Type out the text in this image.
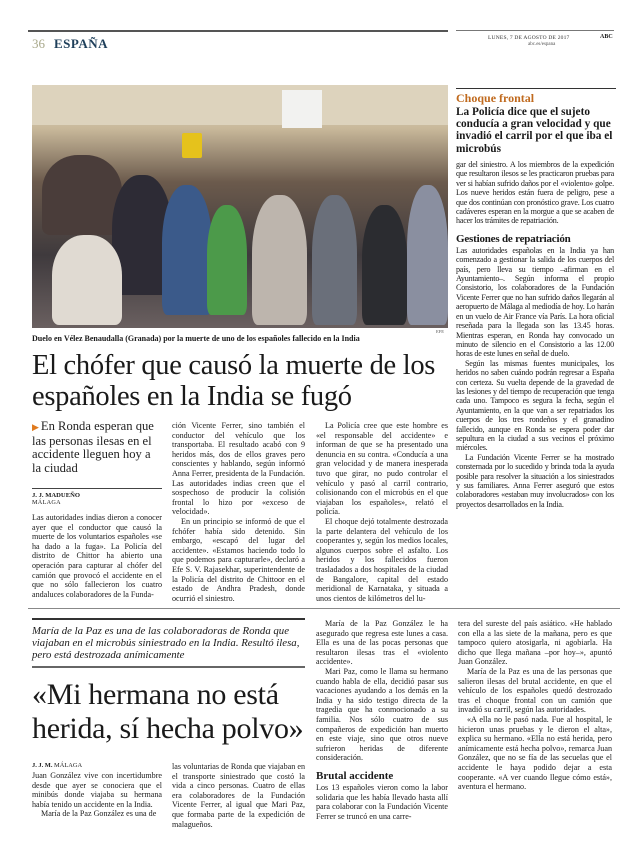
36 ESPAÑA	LUNES, 7 DE AGOSTO DE 2017
abc.es/espana
ABC
EFE
Duelo en Vélez Benaudalla (Granada) por la muerte de uno de los españoles fallecido en la India
Choque frontal
La Policía dice que el sujeto conducía a gran velocidad y que invadió el carril por el que iba el microbús

gar del siniestro. A los miembros de la expedición que resultaron ilesos se les practicaron pruebas para ver si habían sufrido daños por el «violento» golpe. Los nueve heridos están fuera de peligro, pese a que dos continúan con pronóstico grave. Los cuatro cadáveres esperan en la morgue a que se acaben de hacer los trámites de repatriación.

Gestiones de repatriación

Las autoridades españolas en la India ya han comenzado a gestionar la salida de los cuerpos del país, pero lleva su tiempo –afirman en el Ayuntamiento–. Según informa el propio Consistorio, los colaboradores de la Fundación Vicente Ferrer que no han sufrido daños llegarán al aeropuerto de Málaga al mediodía de hoy. Lo harán en un vuelo de Air France vía París. La hora oficial reseñada para la llegada son las 13.45 horas. Mientras esperan, en Ronda hay convocado un minuto de silencio en el Consistorio a las 12.00 horas de este lunes en señal de duelo.

Según las mismas fuentes municipales, los heridos no saben cuándo podrán regresar a España con certeza. Su vuelta depende de la gravedad de las lesiones y del tiempo de recuperación que tenga cada uno. Tampoco es segura la fecha, según el Ayuntamiento, en la que van a ser repatriados los cuerpos de los tres rondeños y el granadino fallecido, aunque en Ronda se espera poder dar sepultura en la ciudad a sus vecinos el próximo miércoles.

La Fundación Vicente Ferrer se ha mostrado consternada por lo sucedido y brinda toda la ayuda posible para resolver la situación a los siniestrados y sus familiares. Anna Ferrer aseguró que estos colaboradores «estaban muy involucrados» con los proyectos desarrollados en la India.

El chófer que causó la muerte de los españoles en la India se fugó
▶ En Ronda esperan que las personas ilesas en el accidente lleguen hoy a la ciudad
J. J. MADUEÑO
MÁLAGA

Las autoridades indias dieron a conocer ayer que el conductor que causó la muerte de los voluntarios españoles «se ha dado a la fuga». La Policía del distrito de Chittor ha abierto una operación para capturar al chófer del camión que provocó el accidente en el que no sólo fallecieron los cuatro andaluces colaboradores de la Funda-

ción Vicente Ferrer, sino también el conductor del vehículo que los transportaba. El resultado acabó con 9 heridos más, dos de ellos graves pero conscientes y hablando, según informó Anna Ferrer, presidenta de la Fundación. Las autoridades indias creen que el sospechoso de producir la colisión frontal lo hizo por «exceso de velocidad».

En un principio se informó de que el fchófer había sido detenido. Sin embargo, «escapó del lugar del accidente». «Estamos haciendo todo lo que podemos para capturarle», declaró a Efe S. V. Rajasekhar, superintendente de la Policía del distrito de Chittoor en el estado de Andhra Pradesh, donde ocurrió el siniestro.

La Policía cree que este hombre es «el responsable del accidente» e informan de que se ha presentado una denuncia en su contra. «Conducía a una gran velocidad y de manera inesperada tuvo que girar, no pudo controlar el vehículo y pasó al carril contrario, colisionando con el microbús en el que viajaban los españoles», relató el policía.

El choque dejó totalmente destrozada la parte delantera del vehículo de los cooperantes y, según los medios locales, algunos cuerpos sobre el asfalto. Los heridos y los fallecidos fueron trasladados a dos hospitales de la ciudad de Bangalore, capital del estado meridional de Karnataka, y situada a unos cientos de kilómetros del lu-

María de la Paz es una de las colaboradoras de Ronda que viajaban en el microbús siniestrado en la India. Resultó ilesa, pero está destrozada anímicamente
«Mi hermana no está herida, sí hecha polvo»
J. J. M. MÁLAGA

Juan González vive con incertidumbre desde que ayer se conociera que el minibús donde viajaba su hermana había tenido un accidente en la India.

María de la Paz González es una de

las voluntarias de Ronda que viajaban en el transporte siniestrado que costó la vida a cinco personas. Cuatro de ellas era colaboradores de la Fundación Vicente Ferrer, al igual que Mari Paz, que formaba parte de la expedición de malagueños.

María de la Paz González le ha asegurado que regresa este lunes a casa. Ella es una de las pocas personas que resultaron ilesas tras el «violento accidente».

Mari Paz, como le llama su hermano cuando habla de ella, decidió pasar sus vacaciones ayudando a los demás en la India y ha sido testigo directa de la tragedia que ha conmocionado a su familia. Nos sólo cuatro de sus compañeros de expedición han muerto en este viaje, sino que otros nueve sufrieron heridas de diferente consideración.

Brutal accidente

Los 13 españoles vieron como la labor solidaria que les había llevado hasta allí para colaborar con la Fundación Vicente Ferrer se truncó en una carre-

tera del sureste del país asiático. «He hablado con ella a las siete de la mañana, pero es que tampoco quiero atosigarla, ni agobiarla. Ha dicho que llega mañana –por hoy–», apuntó Juan González.

María de la Paz es una de las personas que salieron ilesas del brutal accidente, en que el vehículo de los españoles quedó destrozado tras el choque frontal con un camión que invadió su carril, según las autoridades.

«A ella no le pasó nada. Fue al hospital, le hicieron unas pruebas y le dieron el alta», explica su hermano. «Ella no está herida, pero anímicamente está hecha polvo», remarca Juan González, que no se fía de las secuelas que el accidente le haya podido dejar a esta cooperante. «A ver cuando llegue cómo está», aventura el hermano.
